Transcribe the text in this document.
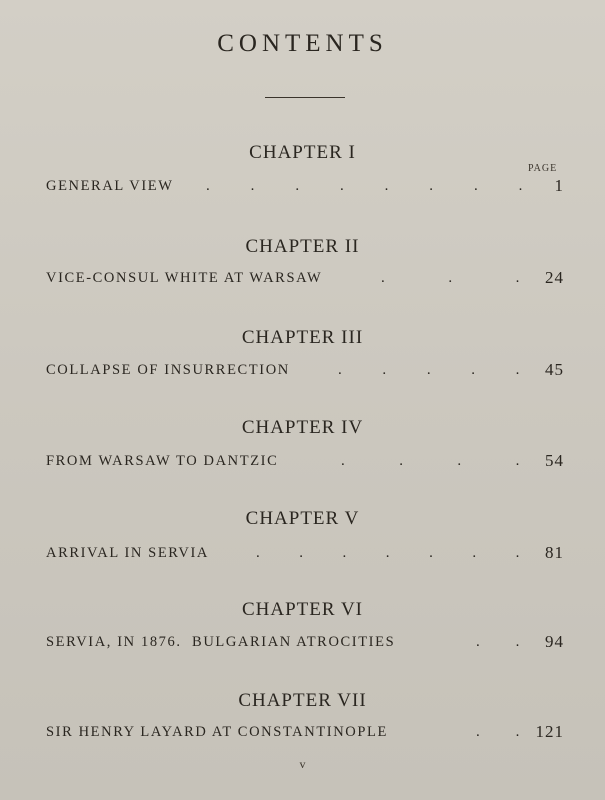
CONTENTS
PAGE
CHAPTER I
GENERAL VIEW .	.	.	.	.	.	.	. 1
CHAPTER II
VICE-CONSUL WHITE AT WARSAW	.	.	. 24
CHAPTER III
COLLAPSE OF INSURRECTION	.	.	.	.	. 45
CHAPTER IV
FROM WARSAW TO DANTZIC	.	.	.	. 54
CHAPTER V
ARRIVAL IN SERVIA	.	.	.	.	.	.	. 81
CHAPTER VI
SERVIA, IN 1876.  BULGARIAN ATROCITIES	. . 94
CHAPTER VII
SIR HENRY LAYARD AT CONSTANTINOPLE	. . 121
v
